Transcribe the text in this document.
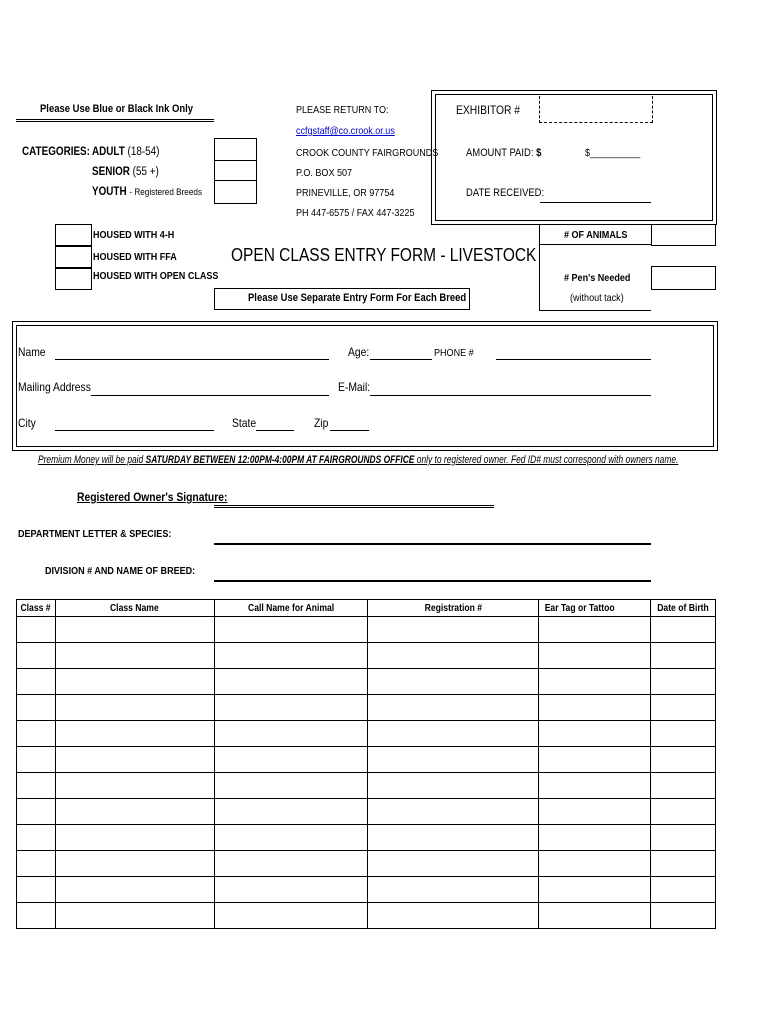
Please Use Blue or Black Ink Only	PLEASE RETURN TO:
ccfgstaff@co.crook.or.us
CROOK COUNTY FAIRGROUNDS
P.O. BOX 507
PRINEVILLE, OR 97754
PH 447-6575 / FAX 447-3225
EXHIBITOR #
AMOUNT PAID: $	$__________
DATE RECEIVED:
CATEGORIES: ADULT (18-54)
SENIOR (55 +)
YOUTH - Registered Breeds
HOUSED WITH 4-H
HOUSED WITH FFA
HOUSED WITH OPEN CLASS
OPEN CLASS ENTRY FORM - LIVESTOCK
Please Use Separate Entry Form For Each Breed
# OF ANIMALS
# Pen's Needed
(without tack)
Name	Age:	PHONE #
Mailing Address	E-Mail:
City	State	Zip
Premium Money will be paid SATURDAY BETWEEN 12:00PM-4:00PM AT FAIRGROUNDS OFFICE only to registered owner. Fed ID# must correspond with owners name.
Registered Owner's Signature:
DEPARTMENT LETTER & SPECIES:
DIVISION # AND NAME OF BREED:
Class #	Class Name	Call Name for Animal	Registration #	Ear Tag or Tattoo	Date of Birth
